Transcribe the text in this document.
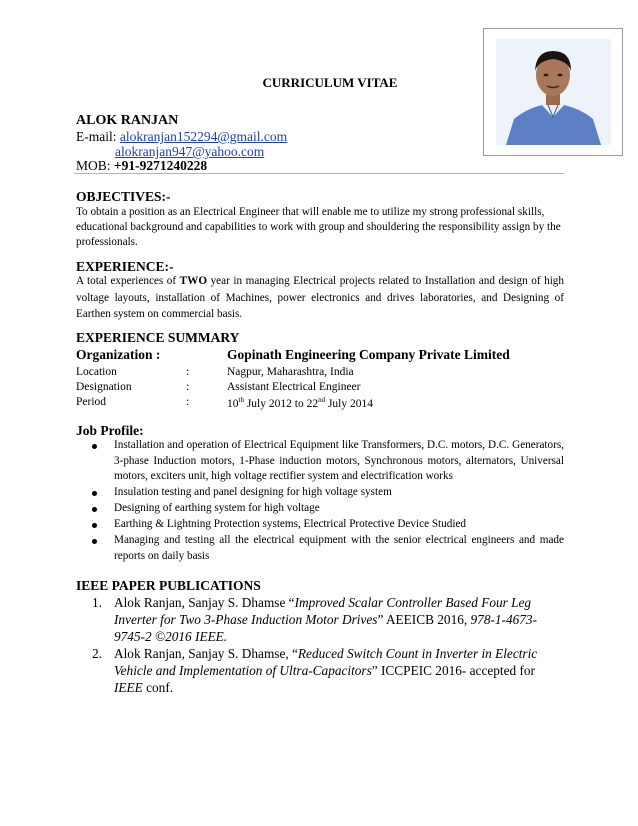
CURRICULUM VITAE
ALOK RANJAN
E-mail: alokranjan152294@gmail.com
alokranjan947@yahoo.com
MOB: +91-9271240228
OBJECTIVES:-
To obtain a position as an Electrical Engineer that will enable me to utilize my strong professional skills, educational background and capabilities to work with group and shouldering the responsibility assign by the professionals.
EXPERIENCE:-
A total experiences of TWO year in managing Electrical projects related to Installation and design of high voltage layouts, installation of Machines, power electronics and drives laboratories, and Designing of Earthen system on commercial basis.
EXPERIENCE SUMMARY
Organization :	Gopinath Engineering Company Private Limited
Location	:	Nagpur, Maharashtra, India
Designation	:	Assistant Electrical Engineer
Period	:	10th July 2012 to 22nd July 2014
Job Profile:
Installation and operation of Electrical Equipment like Transformers, D.C. motors, D.C. Generators, 3-phase Induction motors, 1-Phase induction motors, Synchronous motors, alternators, Universal motors, exciters unit, high voltage rectifier system and electrification works
Insulation testing and panel designing for high voltage system
Designing of earthing system for high voltage
Earthing & Lightning Protection systems, Electrical Protective Device Studied
Managing and testing all the electrical equipment with the senior electrical engineers and made reports on daily basis
IEEE PAPER PUBLICATIONS
1. Alok Ranjan, Sanjay S. Dhamse “Improved Scalar Controller Based Four Leg Inverter for Two 3-Phase Induction Motor Drives” AEEICB 2016, 978-1-4673-9745-2 ©2016 IEEE.
2. Alok Ranjan, Sanjay S. Dhamse, “Reduced Switch Count in Inverter in Electric Vehicle and Implementation of Ultra-Capacitors” ICCPEIC 2016- accepted for IEEE conf.
